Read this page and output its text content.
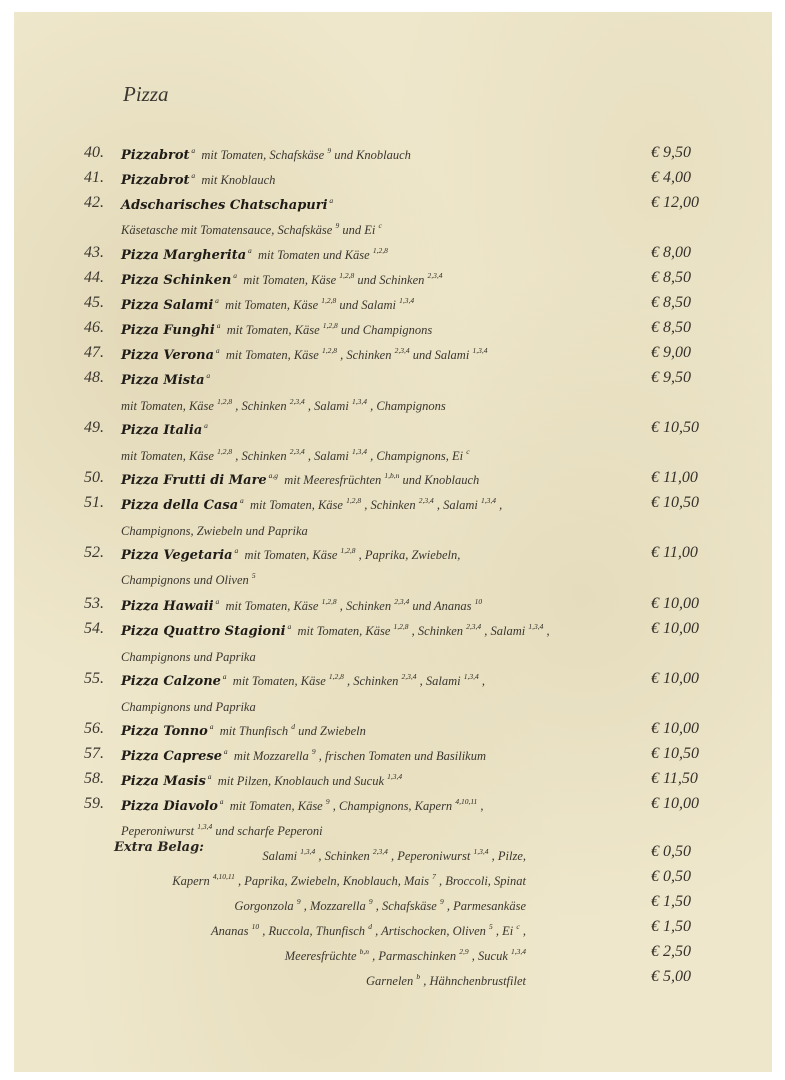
Pizza
40.	Pizzabrot $^a$ mit Tomaten, Schafskäse $^9$ und Knoblauch	€ 9,50
41.	Pizzabrot $^a$ mit Knoblauch	€ 4,00
42.	Adscharisches Chatschapuri $^a$	€ 12,00
Käsetasche mit Tomatensauce, Schafskäse $^9$ und Ei $^c$
43.	Pizza Margherita $^a$ mit Tomaten und Käse $^{1,2,8}$	€ 8,00
44.	Pizza Schinken $^a$ mit Tomaten, Käse $^{1,2,8}$ und Schinken $^{2,3,4}$	€ 8,50
45.	Pizza Salami $^a$ mit Tomaten, Käse $^{1,2,8}$ und Salami $^{1,3,4}$	€ 8,50
46.	Pizza Funghi $^a$ mit Tomaten, Käse $^{1,2,8}$ und Champignons	€ 8,50
47.	Pizza Verona $^a$ mit Tomaten, Käse $^{1,2,8}$ , Schinken $^{2,3,4}$ und Salami $^{1,3,4}$	€ 9,00
48.	Pizza Mista $^a$	€ 9,50
mit Tomaten, Käse $^{1,2,8}$ , Schinken $^{2,3,4}$ , Salami $^{1,3,4}$ , Champignons
49.	Pizza Italia $^a$	€ 10,50
mit Tomaten, Käse $^{1,2,8}$ , Schinken $^{2,3,4}$ , Salami $^{1,3,4}$ , Champignons, Ei $^c$
50.	Pizza Frutti di Mare $^{a,g}$ mit Meeresfrüchten $^{1,b,n}$ und Knoblauch	€ 11,00
51.	Pizza della Casa $^a$ mit Tomaten, Käse $^{1,2,8}$ , Schinken $^{2,3,4}$ , Salami $^{1,3,4}$ ,	€ 10,50
Champignons, Zwiebeln und Paprika
52.	Pizza Vegetaria $^a$ mit Tomaten, Käse $^{1,2,8}$ , Paprika, Zwiebeln,	€ 11,00
Champignons und Oliven $^5$
53.	Pizza Hawaii $^a$ mit Tomaten, Käse $^{1,2,8}$ , Schinken $^{2,3,4}$ und Ananas $^{10}$	€ 10,00
54.	Pizza Quattro Stagioni $^a$ mit Tomaten, Käse $^{1,2,8}$ , Schinken $^{2,3,4}$ , Salami $^{1,3,4}$ ,	€ 10,00
Champignons und Paprika
55.	Pizza Calzone $^a$ mit Tomaten, Käse $^{1,2,8}$ , Schinken $^{2,3,4}$ , Salami $^{1,3,4}$ ,	€ 10,00
Champignons und Paprika
56.	Pizza Tonno $^a$ mit Thunfisch $^d$ und Zwiebeln	€ 10,00
57.	Pizza Caprese $^a$ mit Mozzarella $^9$ , frischen Tomaten und Basilikum	€ 10,50
58.	Pizza Masis $^a$ mit Pilzen, Knoblauch und Sucuk $^{1,3,4}$	€ 11,50
59.	Pizza Diavolo $^a$ mit Tomaten, Käse $^9$ , Champignons, Kapern $^{4,10,11}$ ,	€ 10,00
Peperoniwurst $^{1,3,4}$ und scharfe Peperoni
Extra Belag:
Salami $^{1,3,4}$ , Schinken $^{2,3,4}$ , Peperoniwurst $^{1,3,4}$ , Pilze,	€ 0,50
Kapern $^{4,10,11}$ , Paprika, Zwiebeln, Knoblauch, Mais $^7$ , Broccoli, Spinat	€ 0,50
Gorgonzola $^9$ , Mozzarella $^9$ , Schafskäse $^9$ , Parmesankäse	€ 1,50
Ananas $^{10}$ , Ruccola, Thunfisch $^d$ , Artischocken, Oliven $^5$ , Ei $^c$ ,	€ 1,50
Meeresfrüchte $^{b,n}$ , Parmaschinken $^{2,9}$ , Sucuk $^{1,3,4}$	€ 2,50
Garnelen $^b$ , Hähnchenbrustfilet	€ 5,00
